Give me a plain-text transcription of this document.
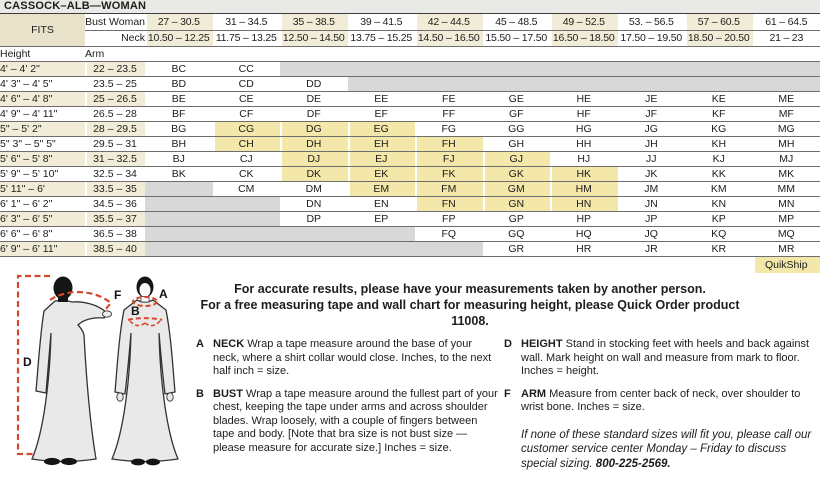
CASSOCK–ALB—WOMAN											
FITS	Bust Woman	27 – 30.5	31 – 34.5	35 – 38.5	39 – 41.5	42 – 44.5	45 – 48.5	49 – 52.5	53. – 56.5	57 – 60.5	61 – 64.5
	Neck	10.50 – 12.25	11.75 – 13.25	12.50 – 14.50	13.75 – 15.25	14.50 – 16.50	15.50 – 17.50	16.50 – 18.50	17.50 – 19.50	18.50 – 20.50	21 – 23
Height	Arm										
4' – 4' 2"	22 – 23.5	BC	CC								
4' 3" – 4' 5"	23.5 – 25	BD	CD	DD							
4' 6" – 4' 8"	25 – 26.5	BE	CE	DE	EE	FE	GE	HE	JE	KE	ME
4' 9" – 4' 11"	26.5 – 28	BF	CF	DF	EF	FF	GF	HF	JF	KF	MF
5" – 5' 2"	28 – 29.5	BG	CG	DG	EG	FG	GG	HG	JG	KG	MG
5" 3" – 5" 5"	29.5 – 31	BH	CH	DH	EH	FH	GH	HH	JH	KH	MH
5' 6" – 5' 8"	31 – 32.5	BJ	CJ	DJ	EJ	FJ	GJ	HJ	JJ	KJ	MJ
5' 9" – 5' 10"	32.5 – 34	BK	CK	DK	EK	FK	GK	HK	JK	KK	MK
5' 11" – 6'	33.5 – 35		CM	DM	EM	FM	GM	HM	JM	KM	MM
6' 1" – 6' 2"	34.5 – 36			DN	EN	FN	GN	HN	JN	KN	MN
6' 3" – 6' 5"	35.5 – 37			DP	EP	FP	GP	HP	JP	KP	MP
6' 6" – 6' 8"	36.5 – 38					FQ	GQ	HQ	JQ	KQ	MQ
6' 9" – 6' 11"	38.5 – 40						GR	HR	JR	KR	MR
											QuikShip
D
F	A
B
For accurate results, please have your measurements taken by another person.
For a free measuring tape and wall chart for measuring height, please Quick Order product 11008.
A NECK Wrap a tape measure around the base of your neck, where a shirt collar would close. Inches, to the next half inch = size.
B BUST Wrap a tape measure around the fullest part of your chest, keeping the tape under arms and across shoulder blades. Wrap loosely, with a couple of fingers between tape and body. [Note that bra size is not bust size — please measure for accurate size.] Inches = size.
D HEIGHT Stand in stocking feet with heels and back against wall. Mark height on wall and measure from mark to floor. Inches = height.
F ARM Measure from center back of neck, over shoulder to wrist bone. Inches = size.
If none of these standard sizes will fit you, please call our customer service center Monday – Friday to discuss special sizing. 800-225-2569.
